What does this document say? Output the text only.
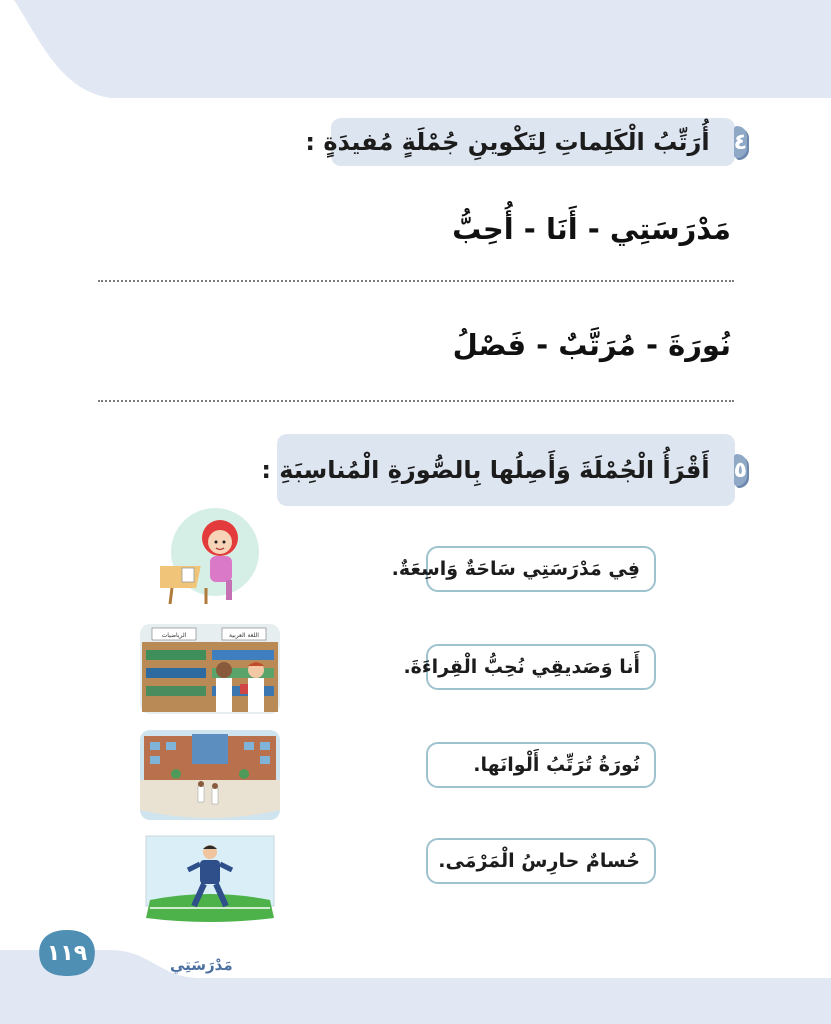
٤
أُرَتِّبُ الْكَلِماتِ لِتَكْوينِ جُمْلَةٍ مُفيدَةٍ :
مَدْرَسَتِي - أَنَا - أُحِبُّ
نُورَةَ - مُرَتَّبٌ - فَصْلُ
٥
أَقْرَأُ الْجُمْلَةَ وَأَصِلُها بِالصُّورَةِ الْمُناسِبَةِ :
فِي مَدْرَسَتِي سَاحَةٌ وَاسِعَةٌ.
أَنا وَصَديقِي نُحِبُّ الْقِراءَةَ.
نُورَةُ تُرَتِّبُ أَلْوانَها.
حُسامٌ حارِسُ الْمَرْمَى.
الرياضيات	اللغة العربية
١١٩	مَدْرَسَتِي
